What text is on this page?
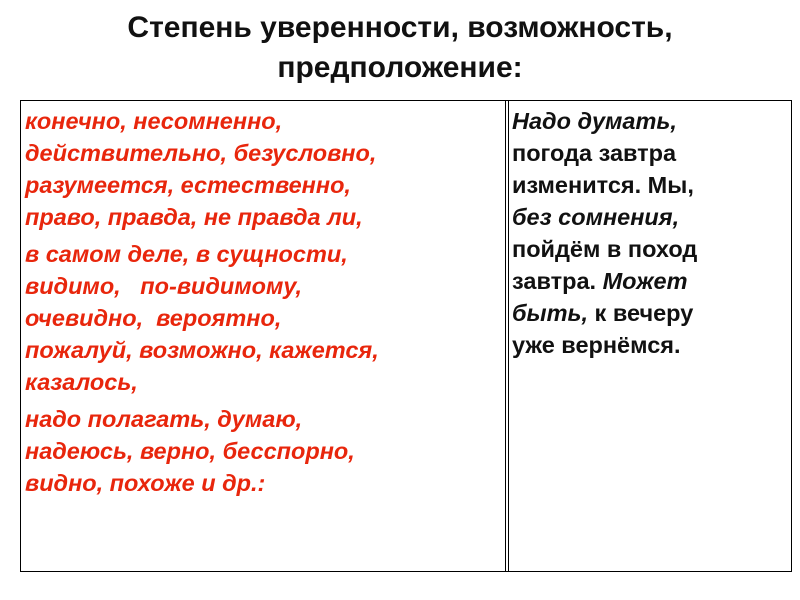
Степень уверенности, возможность,
предположение:
конечно, несомненно,
действительно, безусловно,
разумеется, естественно,
право, правда, не правда ли,
в самом деле, в сущности,
видимо,   по-видимому,
очевидно,  вероятно,
пожалуй, возможно, кажется,
казалось,
надо полагать, думаю,
надеюсь, верно, бесспорно,
видно, похоже и др.:
Надо думать,
погода завтра
изменится. Мы,
без сомнения,
пойдём в поход
завтра. Может
быть, к вечеру
уже вернёмся.
